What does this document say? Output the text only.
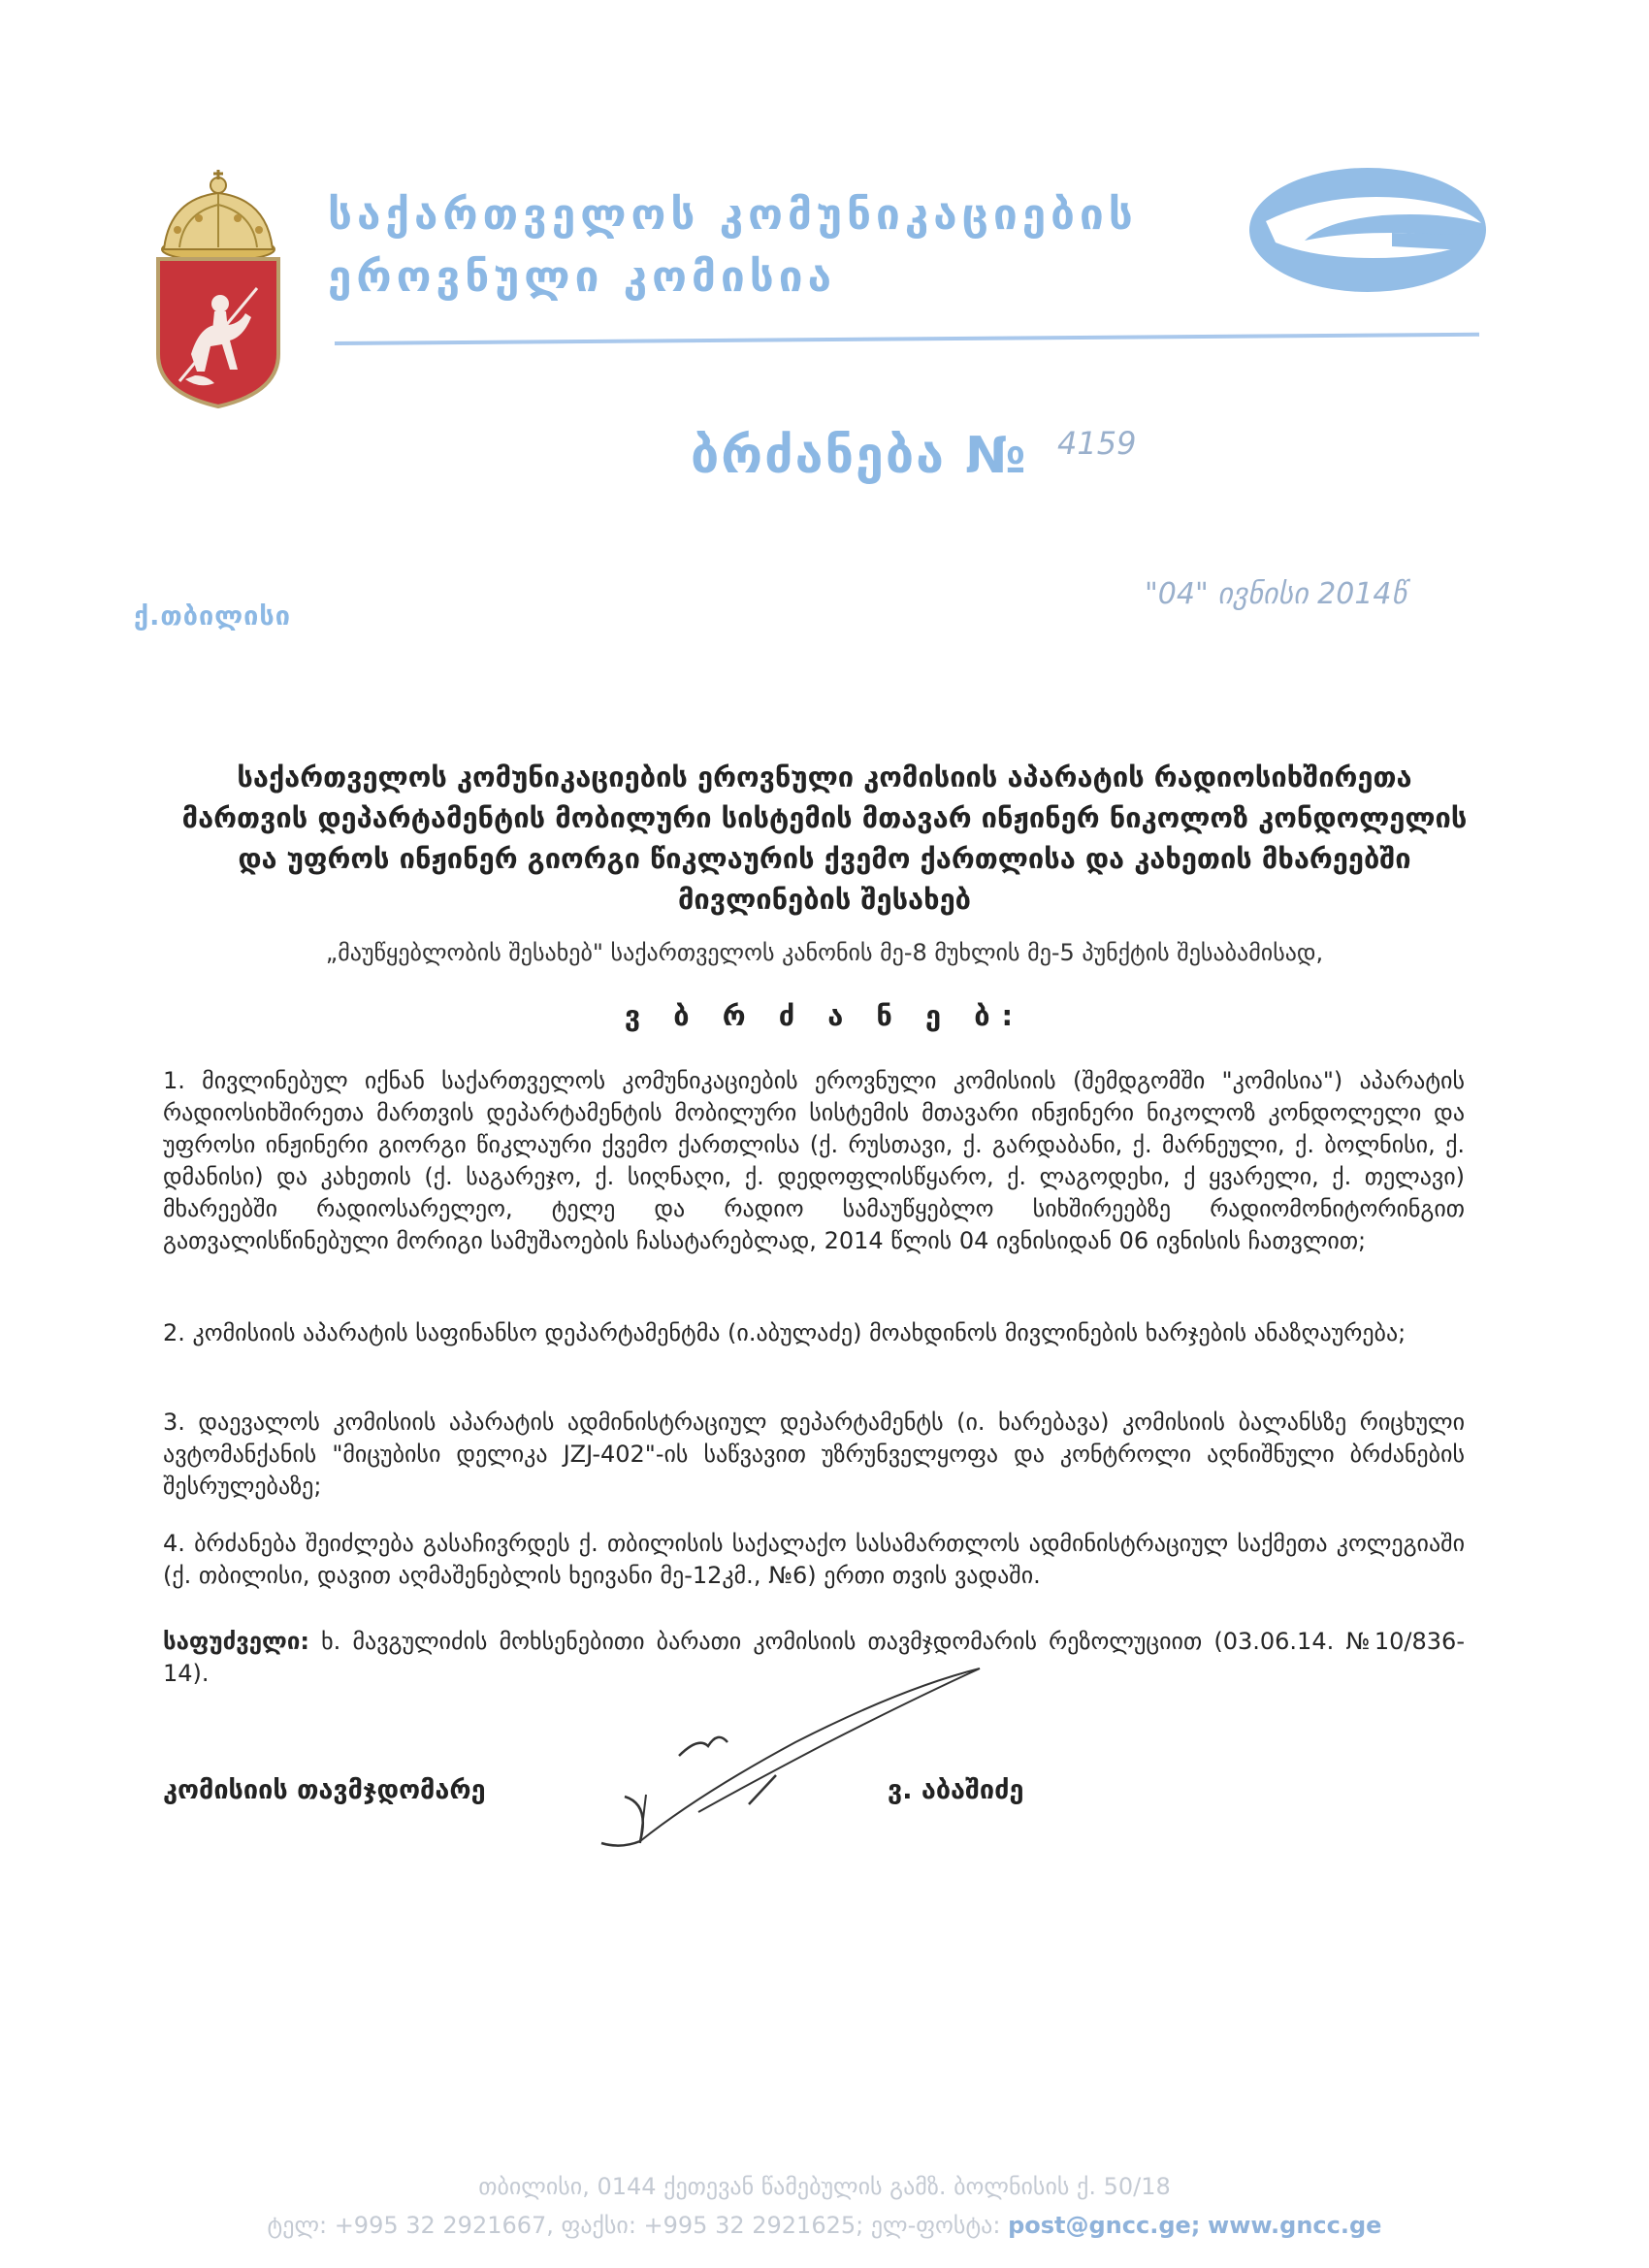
საქართველოს კომუნიკაციების
ეროვნული კომისია
ბრძანება № 4159
ქ.თბილისი
"04" ივნისი 2014წ
საქართველოს კომუნიკაციების ეროვნული კომისიის აპარატის რადიოსიხშირეთა მართვის დეპარტამენტის მობილური სისტემის მთავარ ინჟინერ ნიკოლოზ კონდოლელის და უფროს ინჟინერ გიორგი წიკლაურის ქვემო ქართლისა და კახეთის მხარეებში მივლინების შესახებ
„მაუწყებლობის შესახებ" საქართველოს კანონის მე-8 მუხლის მე-5 პუნქტის შესაბამისად,
ვ ბ რ ძ ა ნ ე ბ:
1. მივლინებულ იქნან საქართველოს კომუნიკაციების ეროვნული კომისიის (შემდგომში "კომისია") აპარატის რადიოსიხშირეთა მართვის დეპარტამენტის მობილური სისტემის მთავარი ინჟინერი ნიკოლოზ კონდოლელი და უფროსი ინჟინერი გიორგი წიკლაური ქვემო ქართლისა (ქ. რუსთავი, ქ. გარდაბანი, ქ. მარნეული, ქ. ბოლნისი, ქ. დმანისი) და კახეთის (ქ. საგარეჯო, ქ. სიღნაღი, ქ. დედოფლისწყარო, ქ. ლაგოდეხი, ქ ყვარელი, ქ. თელავი) მხარეებში რადიოსარელეო, ტელე და რადიო სამაუწყებლო სიხშირეებზე რადიომონიტორინგით გათვალისწინებული მორიგი სამუშაოების ჩასატარებლად, 2014 წლის 04 ივნისიდან 06 ივნისის ჩათვლით;
2. კომისიის აპარატის საფინანსო დეპარტამენტმა (ი.აბულაძე) მოახდინოს მივლინების ხარჯების ანაზღაურება;
3. დაევალოს კომისიის აპარატის ადმინისტრაციულ დეპარტამენტს (ი. ხარებავა) კომისიის ბალანსზე რიცხული ავტომანქანის "მიცუბისი დელიკა JZJ-402"-ის საწვავით უზრუნველყოფა და კონტროლი აღნიშნული ბრძანების შესრულებაზე;
4. ბრძანება შეიძლება გასაჩივრდეს ქ. თბილისის საქალაქო სასამართლოს ადმინისტრაციულ საქმეთა კოლეგიაში (ქ. თბილისი, დავით აღმაშენებლის ხეივანი მე-12კმ., №6) ერთი თვის ვადაში.
საფუძველი: ხ. მავგულიძის მოხსენებითი ბარათი კომისიის თავმჯდომარის რეზოლუციით (03.06.14. №10/836-14).
კომისიის თავმჯდომარე	ვ. აბაშიძე
თბილისი, 0144 ქეთევან წამებულის გამზ. ბოლნისის ქ. 50/18
ტელ: +995 32 2921667, ფაქსი: +995 32 2921625; ელ-ფოსტა: post@gncc.ge; www.gncc.ge
